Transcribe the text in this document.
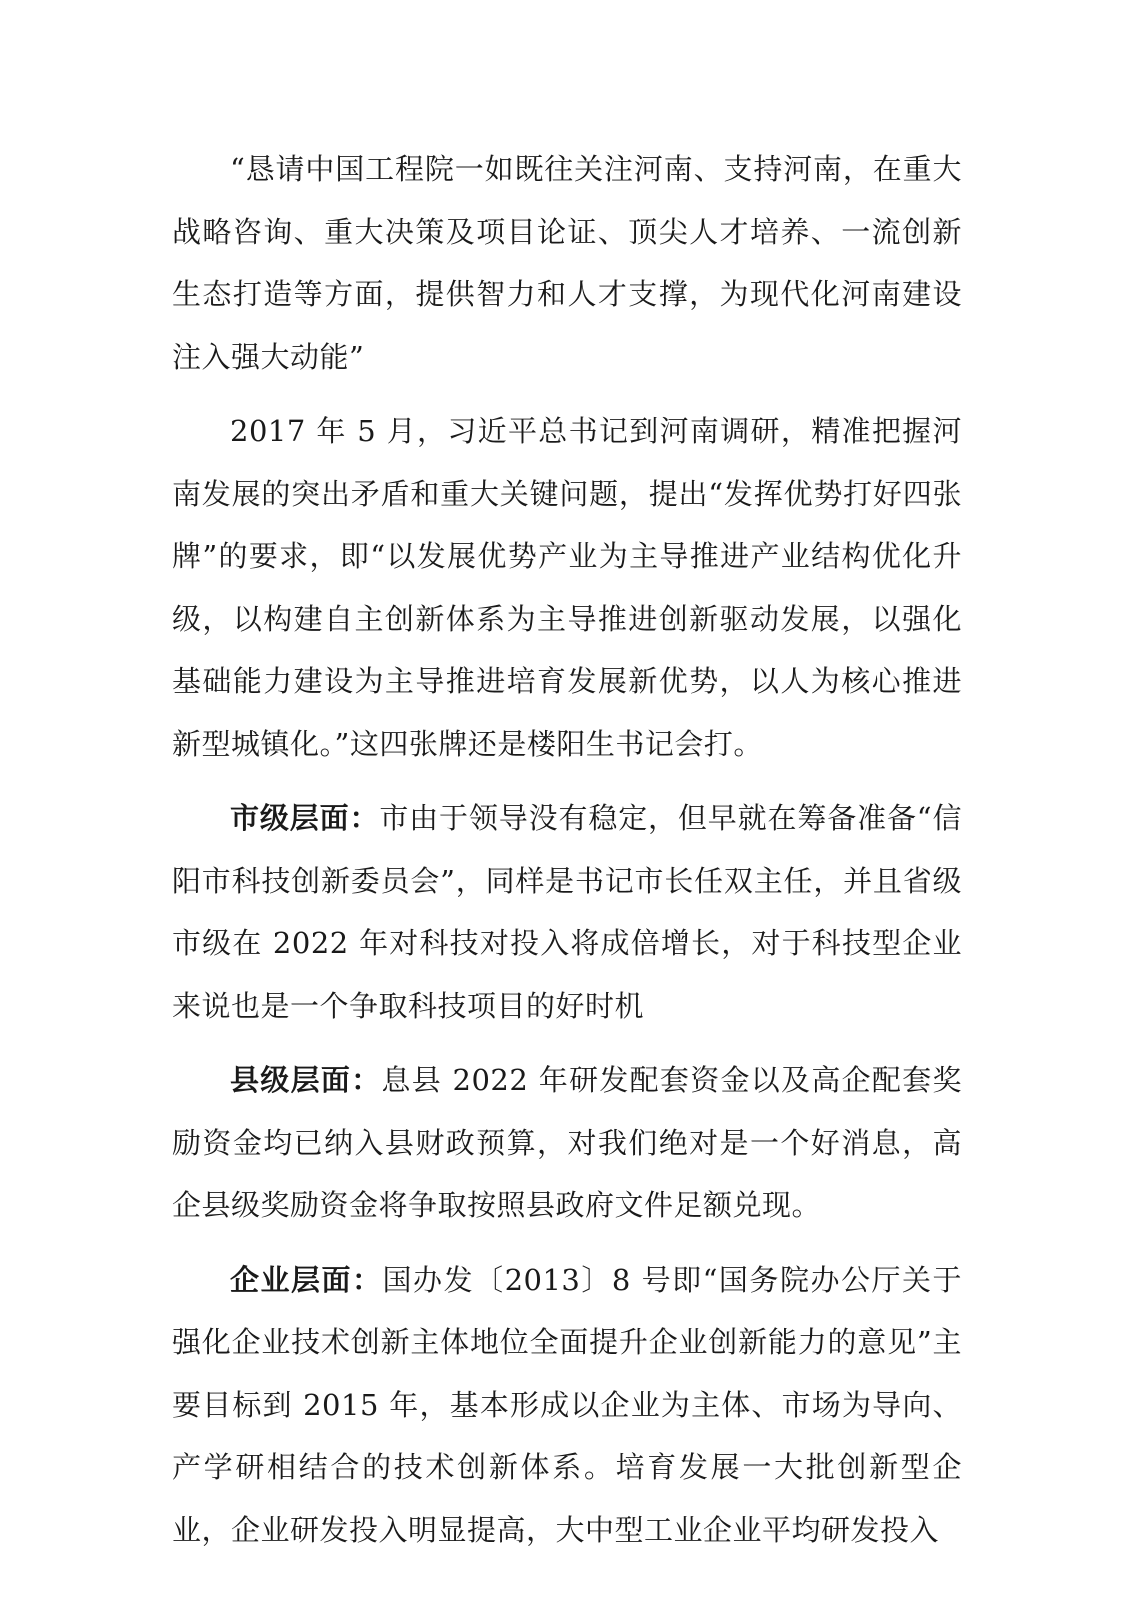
“恳请中国工程院一如既往关注河南、支持河南，在重大战略咨询、重大决策及项目论证、顶尖人才培养、一流创新生态打造等方面，提供智力和人才支撑，为现代化河南建设注入强大动能”

2017 年 5 月，习近平总书记到河南调研，精准把握河南发展的突出矛盾和重大关键问题，提出“发挥优势打好四张牌”的要求，即“以发展优势产业为主导推进产业结构优化升级，以构建自主创新体系为主导推进创新驱动发展，以强化基础能力建设为主导推进培育发展新优势，以人为核心推进新型城镇化。”这四张牌还是楼阳生书记会打。

市级层面：市由于领导没有稳定，但早就在筹备准备“信阳市科技创新委员会”，同样是书记市长任双主任，并且省级市级在 2022 年对科技对投入将成倍增长，对于科技型企业来说也是一个争取科技项目的好时机

县级层面：息县 2022 年研发配套资金以及高企配套奖励资金均已纳入县财政预算，对我们绝对是一个好消息，高企县级奖励资金将争取按照县政府文件足额兑现。

企业层面：国办发〔2013〕8 号即“国务院办公厅关于强化企业技术创新主体地位全面提升企业创新能力的意见”主要目标到 2015 年，基本形成以企业为主体、市场为导向、产学研相结合的技术创新体系。培育发展一大批创新型企业，企业研发投入明显提高，大中型工业企业平均研发投入
